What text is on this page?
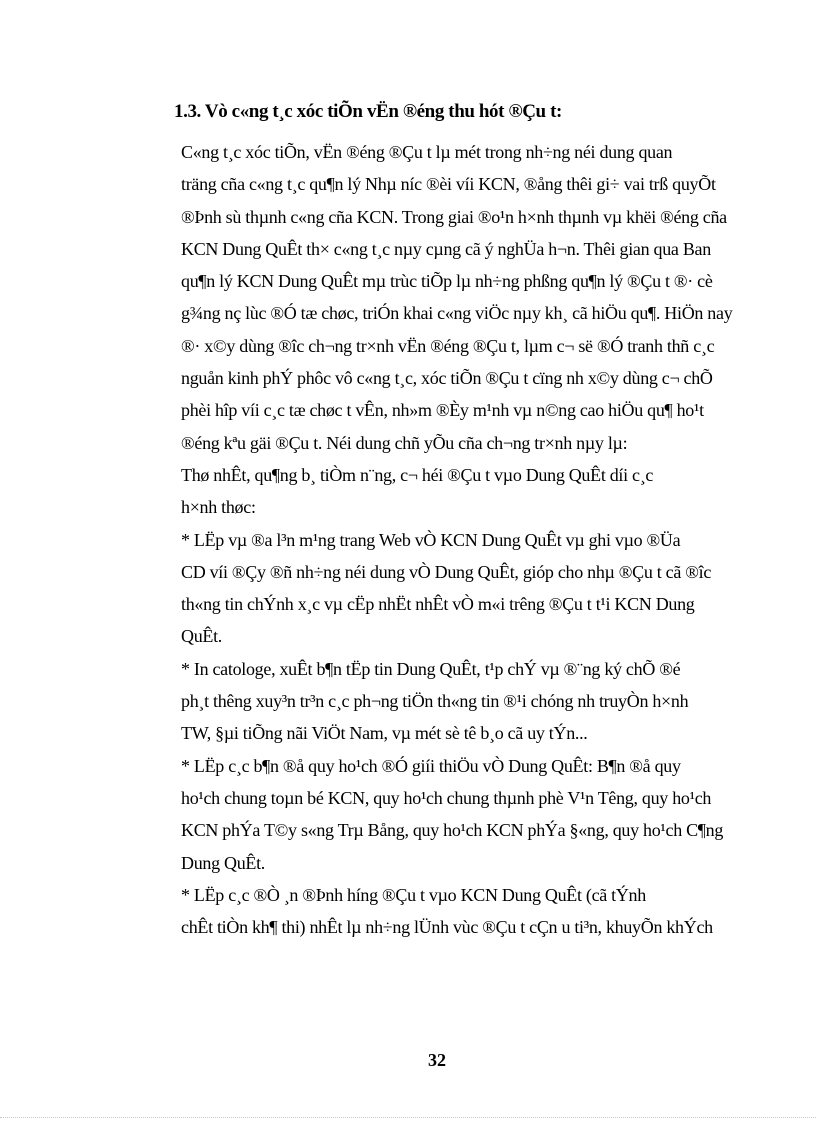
1.3. Vò c«ng t¸c xóc tiÕn vËn ®éng thu hót ®Çu t:

C«ng t¸c xóc tiÕn, vËn ®éng ®Çu t lµ mét trong nh÷ng néi dung quan
träng cña c«ng t¸c qu¶n lý Nhµ níc ®èi víi KCN, ®ång thêi gi÷ vai trß quyÕt
®Þnh sù thµnh c«ng cña KCN. Trong giai ®o¹n h×nh thµnh vµ khëi ®éng cña
KCN Dung QuÊt th× c«ng t¸c nµy cµng cã ý nghÜa h¬n. Thêi gian qua Ban
qu¶n lý KCN Dung QuÊt mµ trùc tiÕp lµ nh÷ng phßng qu¶n lý ®Çu t ®· cè
g¾ng nç lùc ®Ó tæ chøc, triÓn khai c«ng viÖc nµy kh¸ cã hiÖu qu¶. HiÖn nay
®· x©y dùng ®îc ch¬ng tr×nh vËn ®éng ®Çu t, lµm c¬ së ®Ó tranh thñ c¸c
nguån kinh phÝ phôc vô c«ng t¸c, xóc tiÕn ®Çu t cïng nh x©y dùng c¬ chÕ
phèi hîp víi c¸c tæ chøc t vÊn, nh»m ®Èy m¹nh vµ n©ng cao hiÖu qu¶ ho¹t
®éng kªu gäi ®Çu t. Néi dung chñ yÕu cña ch¬ng tr×nh nµy lµ:

Thø nhÊt, qu¶ng b¸ tiÒm n¨ng, c¬ héi ®Çu t vµo Dung QuÊt díi c¸c
h×nh thøc:

* LËp vµ ®a l³n m¹ng trang Web vÒ KCN Dung QuÊt vµ ghi vµo ®Üa
CD víi ®Çy ®ñ nh÷ng néi dung vÒ Dung QuÊt, gióp cho nhµ ®Çu t cã ®îc
th«ng tin chÝnh x¸c vµ cËp nhËt nhÊt vÒ m«i trêng ®Çu t t¹i KCN Dung
QuÊt.

* In catologe, xuÊt b¶n tËp tin Dung QuÊt, t¹p chÝ vµ ®¨ng ký chÕ ®é
ph¸t thêng xuy³n tr³n c¸c ph¬ng tiÖn th«ng tin ®¹i chóng nh truyÒn h×nh
TW, §µi tiÕng nãi ViÖt Nam, vµ mét sè tê b¸o cã uy tÝn...

* LËp c¸c b¶n ®å quy ho¹ch ®Ó giíi thiÖu vÒ Dung QuÊt: B¶n ®å quy
ho¹ch chung toµn bé KCN, quy ho¹ch chung thµnh phè V¹n Têng, quy ho¹ch
KCN phÝa T©y s«ng Trµ Bång, quy ho¹ch KCN phÝa §«ng, quy ho¹ch C¶ng
Dung QuÊt.

* LËp c¸c ®Ò ¸n ®Þnh híng ®Çu t vµo KCN Dung QuÊt (cã tÝnh
chÊt tiÒn kh¶ thi) nhÊt lµ nh÷ng lÜnh vùc ®Çu t cÇn u ti³n, khuyÕn khÝch

32
